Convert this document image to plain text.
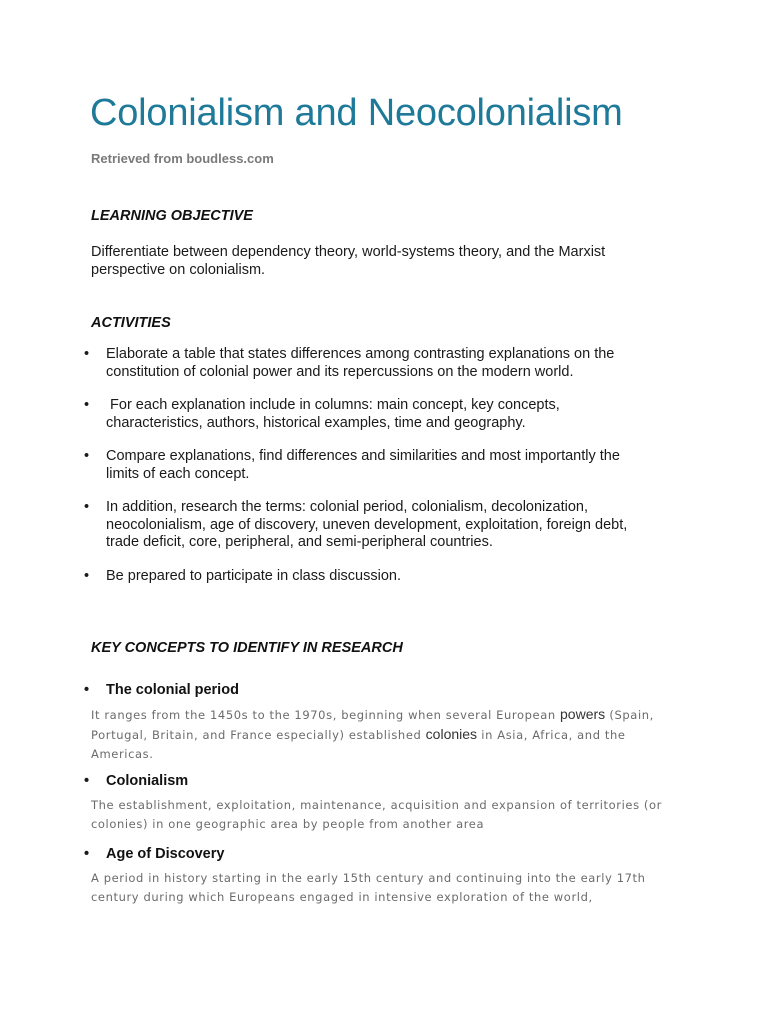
Colonialism and Neocolonialism
Retrieved from boudless.com
LEARNING OBJECTIVE
Differentiate between dependency theory, world-systems theory, and the Marxist perspective on colonialism.
ACTIVITIES
• Elaborate a table that states differences among contrasting explanations on the constitution of colonial power and its repercussions on the modern world.
• For each explanation include in columns: main concept, key concepts, characteristics, authors, historical examples, time and geography.
• Compare explanations, find differences and similarities and most importantly the limits of each concept.
• In addition, research the terms: colonial period, colonialism, decolonization, neocolonialism, age of discovery, uneven development, exploitation, foreign debt, trade deficit, core, peripheral, and semi-peripheral countries.
• Be prepared to participate in class discussion.
KEY CONCEPTS TO IDENTIFY IN RESEARCH
• The colonial period
It ranges from the 1450s to the 1970s, beginning when several European powers (Spain, Portugal, Britain, and France especially) established colonies in Asia, Africa, and the Americas.
• Colonialism
The establishment, exploitation, maintenance, acquisition and expansion of territories (or colonies) in one geographic area by people from another area
• Age of Discovery
A period in history starting in the early 15th century and continuing into the early 17th century during which Europeans engaged in intensive exploration of the world,
